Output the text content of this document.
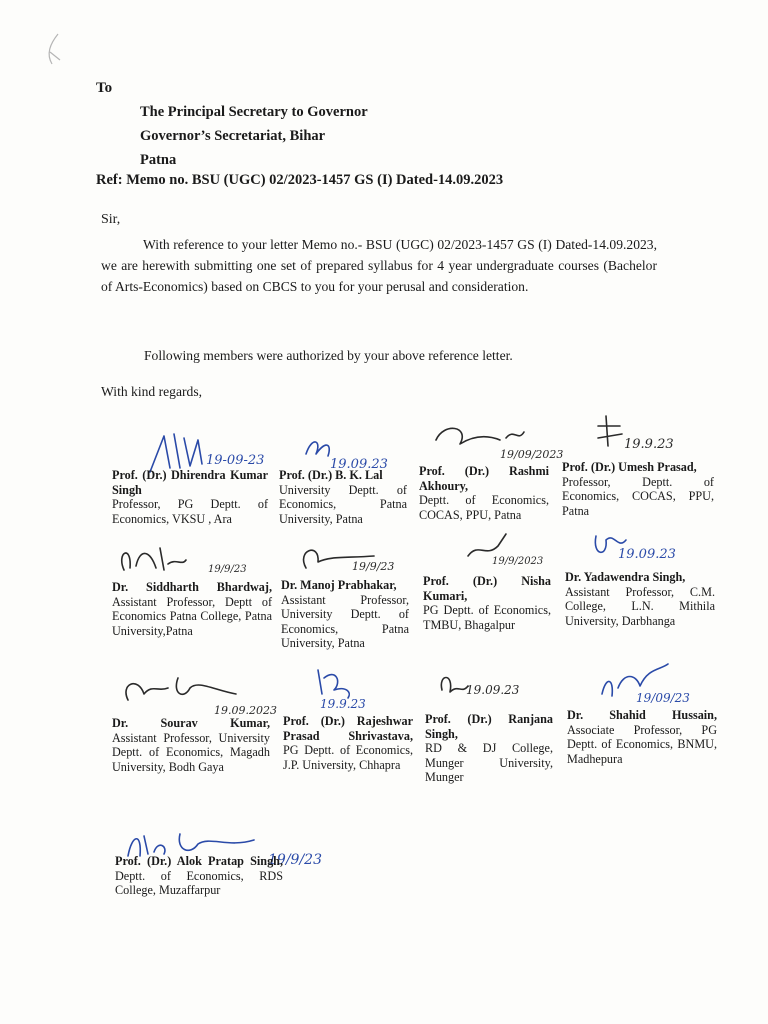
To
The Principal Secretary to Governor
Governor’s Secretariat, Bihar
Patna
Ref: Memo no. BSU (UGC) 02/2023-1457 GS (I) Dated-14.09.2023
Sir,
With reference to your letter Memo no.- BSU (UGC) 02/2023-1457 GS (I) Dated-14.09.2023, we are herewith submitting one set of prepared syllabus for 4 year undergraduate courses (Bachelor of Arts-Economics) based on CBCS to you for your perusal and consideration.
Following members were authorized by your above reference letter.
With kind regards,
19-09-23	19.09.23
19/09/2023
19.9.23
Prof. (Dr.) Dhirendra Kumar Singh
Professor, PG Deptt. of Economics, VKSU , Ara
Prof. (Dr.) B. K. Lal
University Deptt. of Economics, Patna University, Patna
Prof. (Dr.) Rashmi Akhoury,
Deptt. of Economics, COCAS, PPU, Patna
Prof. (Dr.) Umesh Prasad,
Professor, Deptt. of Economics, COCAS, PPU, Patna
19/9/23	19/9/23	19/9/2023	19.09.23
Dr. Siddharth Bhardwaj,
Assistant Professor, Deptt of Economics Patna College, Patna University,Patna
Dr. Manoj Prabhakar,
Assistant Professor, University Deptt. of Economics, Patna University, Patna
Prof. (Dr.) Nisha Kumari,
PG Deptt. of Economics, TMBU, Bhagalpur
Dr. Yadawendra Singh,
Assistant Professor, C.M. College, L.N. Mithila University, Darbhanga
19.09.2023	19.9.23
19.09.23
19/09/23
Dr. Sourav Kumar,
Assistant Professor, University Deptt. of Economics, Magadh University, Bodh Gaya
Prof. (Dr.) Rajeshwar Prasad Shrivastava,
PG Deptt. of Economics, J.P. University, Chhapra
Prof. (Dr.) Ranjana Singh,
RD & DJ College, Munger University, Munger
Dr. Shahid Hussain,
Associate Professor, PG Deptt. of Economics, BNMU, Madhepura
19/9/23
Prof. (Dr.) Alok Pratap Singh,
Deptt. of Economics, RDS College, Muzaffarpur
